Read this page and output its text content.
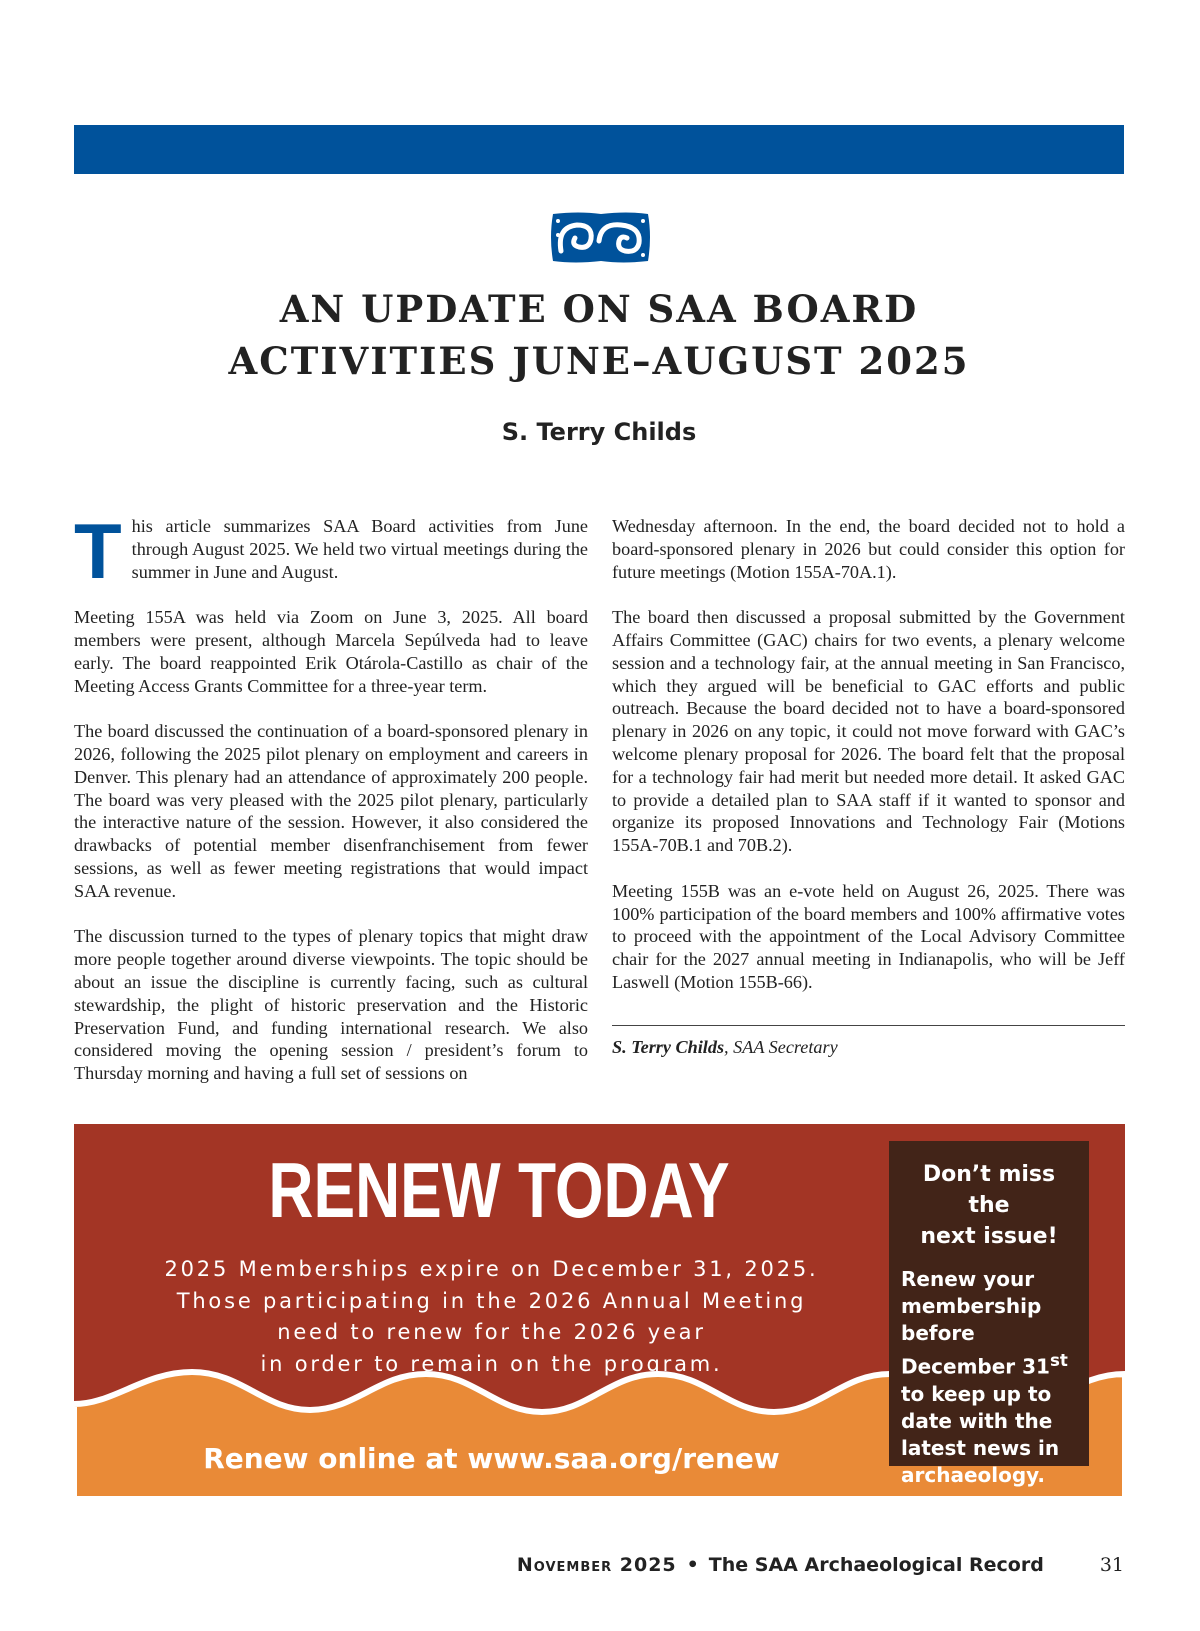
AN UPDATE ON SAA BOARD
ACTIVITIES JUNE–AUGUST 2025
S. Terry Childs

This article summarizes SAA Board activities from June through August 2025. We held two virtual meetings during the summer in June and August.

Meeting 155A was held via Zoom on June 3, 2025. All board members were present, although Marcela Sepúlveda had to leave early. The board reappointed Erik Otárola-Castillo as chair of the Meeting Access Grants Committee for a three-year term.

The board discussed the continuation of a board-sponsored plenary in 2026, following the 2025 pilot plenary on employment and careers in Denver. This plenary had an attendance of approximately 200 people. The board was very pleased with the 2025 pilot plenary, particularly the interactive nature of the session. However, it also considered the drawbacks of potential member disenfranchisement from fewer sessions, as well as fewer meeting registrations that would impact SAA revenue.

The discussion turned to the types of plenary topics that might draw more people together around diverse viewpoints. The topic should be about an issue the discipline is currently facing, such as cultural stewardship, the plight of historic preservation and the Historic Preservation Fund, and funding international research. We also considered moving the opening session / president’s forum to Thursday morning and having a full set of sessions on

Wednesday afternoon. In the end, the board decided not to hold a board-sponsored plenary in 2026 but could consider this option for future meetings (Motion 155A-70A.1).

The board then discussed a proposal submitted by the Government Affairs Committee (GAC) chairs for two events, a plenary welcome session and a technology fair, at the annual meeting in San Francisco, which they argued will be beneficial to GAC efforts and public outreach. Because the board decided not to have a board-sponsored plenary in 2026 on any topic, it could not move forward with GAC’s welcome plenary proposal for 2026. The board felt that the proposal for a technology fair had merit but needed more detail. It asked GAC to provide a detailed plan to SAA staff if it wanted to sponsor and organize its proposed Innovations and Technology Fair (Motions 155A-70B.1 and 70B.2).

Meeting 155B was an e-vote held on August 26, 2025. There was 100% participation of the board members and 100% affirmative votes to proceed with the appointment of the Local Advisory Committee chair for the 2027 annual meeting in Indianapolis, who will be Jeff Laswell (Motion 155B-66).

S. Terry Childs, SAA Secretary

RENEW TODAY
2025 Memberships expire on December 31, 2025.
Those participating in the 2026 Annual Meeting
need to renew for the 2026 year
in order to remain on the program.
Renew online at www.saa.org/renew

Don’t miss
the
next issue!

Renew your membership before December 31st to keep up to date with the latest news in archaeology.

November 2025 • The SAA Archaeological Record	31
